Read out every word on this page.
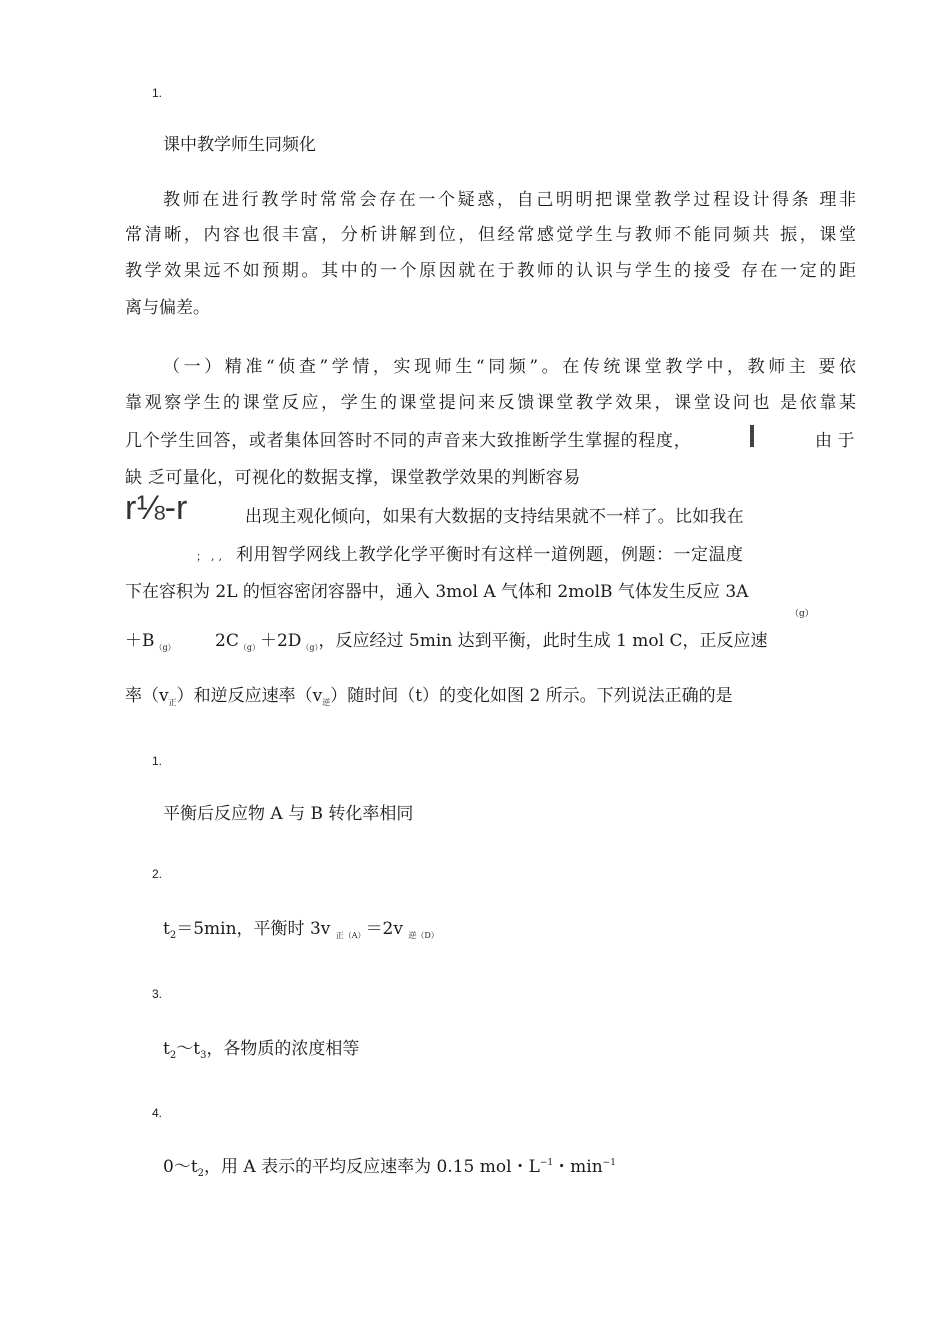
1.
课中教学师生同频化
教师在进行教学时常常会存在一个疑惑，自己明明把课堂教学过程设计得条 理非
常清晰，内容也很丰富，分析讲解到位，但经常感觉学生与教师不能同频共 振，课堂
教学效果远不如预期。其中的一个原因就在于教师的认识与学生的接受 存在一定的距
离与偏差。
（一）精准“侦查”学情，实现师生“同频”。在传统课堂教学中，教师主 要依
靠观察学生的课堂反应，学生的课堂提问来反馈课堂教学效果，课堂设问也 是依靠某
几个学生回答，或者集体回答时不同的声音来大致推断学生掌握的程度，	由 于
缺 乏可量化，可视化的数据支撑，课堂教学效果的判断容易
r⅛-r	出现主观化倾向，如果有大数据的支持结果就不一样了。比如我在
；,, 利用智学网线上教学化学平衡时有这样一道例题，例题：一定温度
下在容积为 2L 的恒容密闭容器中，通入 3mol A 气体和 2molB 气体发生反应 3A
（g）
$+B_{(g)}$ $2C_{(g)}+2D_{(g)}$，反应经过 5min 达到平衡，此时生成 1 mol C，正反应速
率$(v_正)$和逆反应速率$(v_逆)$随时间（t）的变化如图 2 所示。下列说法正确的是
1.
平衡后反应物 A 与 B 转化率相同
2.
$t_2=5\min$，平衡时 3v $_{正(A)}$＝2v $_{逆(D)}$
3.
$t_2\sim t_3$，各物质的浓度相等
4.
$0\sim t_2$，用 A 表示的平均反应速率为 0.15 mol・$L^{-1}$・$\min^{-1}$
